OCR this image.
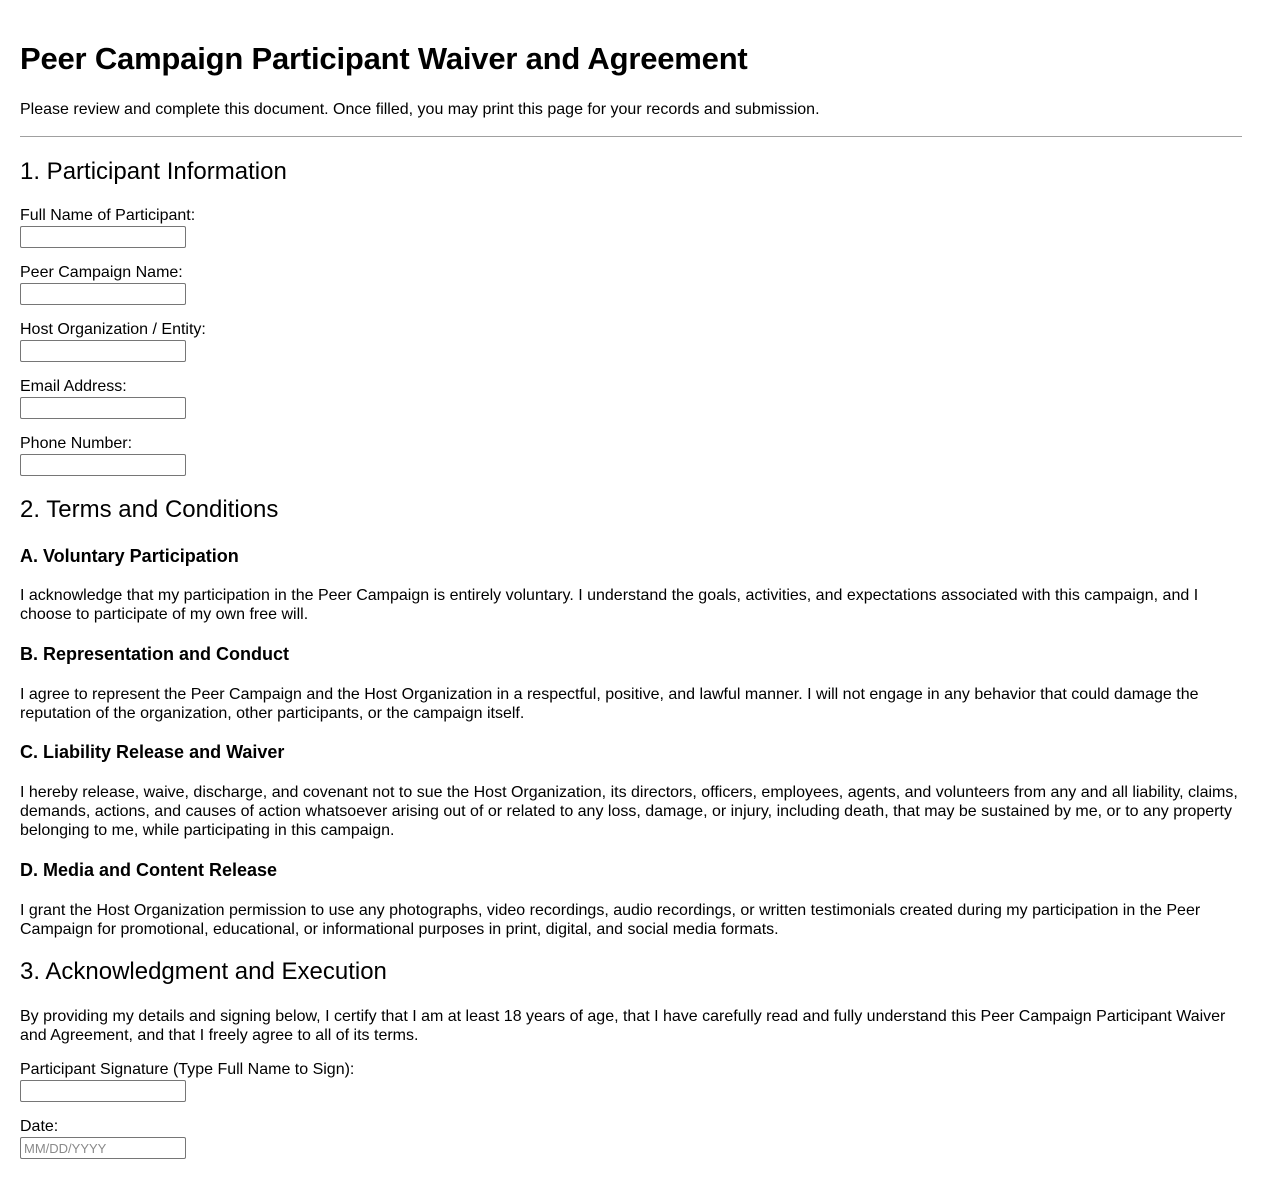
Peer Campaign Participant Waiver and Agreement

Please review and complete this document. Once filled, you may print this page for your records and submission.

1. Participant Information

Full Name of Participant:

Peer Campaign Name:

Host Organization / Entity:

Email Address:

Phone Number:

2. Terms and Conditions
A. Voluntary Participation

I acknowledge that my participation in the Peer Campaign is entirely voluntary. I understand the goals, activities, and expectations associated with this campaign, and I choose to participate of my own free will.

B. Representation and Conduct

I agree to represent the Peer Campaign and the Host Organization in a respectful, positive, and lawful manner. I will not engage in any behavior that could damage the reputation of the organization, other participants, or the campaign itself.

C. Liability Release and Waiver

I hereby release, waive, discharge, and covenant not to sue the Host Organization, its directors, officers, employees, agents, and volunteers from any and all liability, claims, demands, actions, and causes of action whatsoever arising out of or related to any loss, damage, or injury, including death, that may be sustained by me, or to any property belonging to me, while participating in this campaign.

D. Media and Content Release

I grant the Host Organization permission to use any photographs, video recordings, audio recordings, or written testimonials created during my participation in the Peer Campaign for promotional, educational, or informational purposes in print, digital, and social media formats.

3. Acknowledgment and Execution

By providing my details and signing below, I certify that I am at least 18 years of age, that I have carefully read and fully understand this Peer Campaign Participant Waiver and Agreement, and that I freely agree to all of its terms.

Participant Signature (Type Full Name to Sign):

Date:

MM/DD/YYYY
